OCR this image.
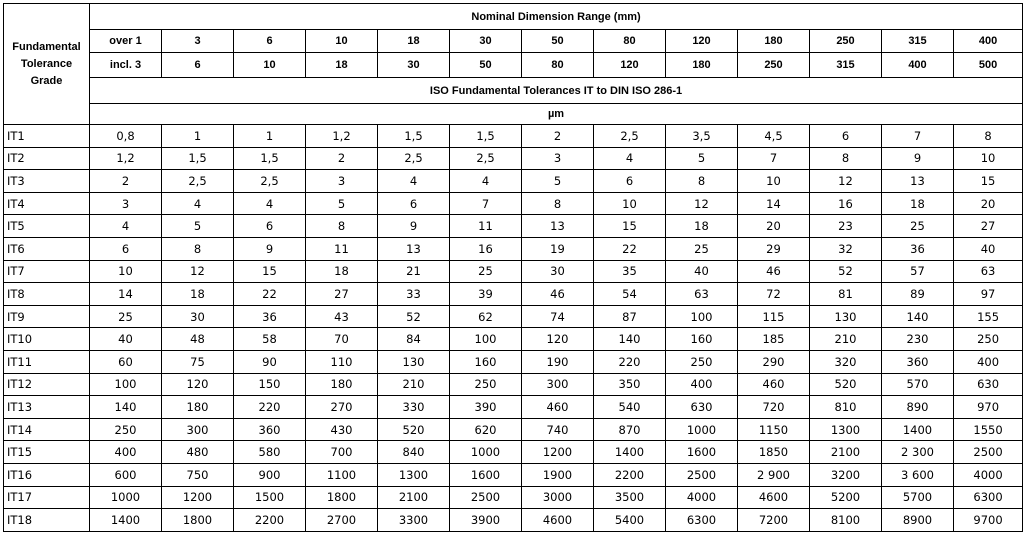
Fundamental
Tolerance
Grade	Nominal Dimension Range (mm)												
	over 1	3	6	10	18	30	50	80	120	180	250	315	400
	incl. 3	6	10	18	30	50	80	120	180	250	315	400	500
	ISO Fundamental Tolerances IT to DIN ISO 286-1												
	µm												
IT1	0,8	1	1	1,2	1,5	1,5	2	2,5	3,5	4,5	6	7	8
IT2	1,2	1,5	1,5	2	2,5	2,5	3	4	5	7	8	9	10
IT3	2	2,5	2,5	3	4	4	5	6	8	10	12	13	15
IT4	3	4	4	5	6	7	8	10	12	14	16	18	20
IT5	4	5	6	8	9	11	13	15	18	20	23	25	27
IT6	6	8	9	11	13	16	19	22	25	29	32	36	40
IT7	10	12	15	18	21	25	30	35	40	46	52	57	63
IT8	14	18	22	27	33	39	46	54	63	72	81	89	97
IT9	25	30	36	43	52	62	74	87	100	115	130	140	155
IT10	40	48	58	70	84	100	120	140	160	185	210	230	250
IT11	60	75	90	110	130	160	190	220	250	290	320	360	400
IT12	100	120	150	180	210	250	300	350	400	460	520	570	630
IT13	140	180	220	270	330	390	460	540	630	720	810	890	970
IT14	250	300	360	430	520	620	740	870	1000	1150	1300	1400	1550
IT15	400	480	580	700	840	1000	1200	1400	1600	1850	2100	2 300	2500
IT16	600	750	900	1100	1300	1600	1900	2200	2500	2 900	3200	3 600	4000
IT17	1000	1200	1500	1800	2100	2500	3000	3500	4000	4600	5200	5700	6300
IT18	1400	1800	2200	2700	3300	3900	4600	5400	6300	7200	8100	8900	9700
